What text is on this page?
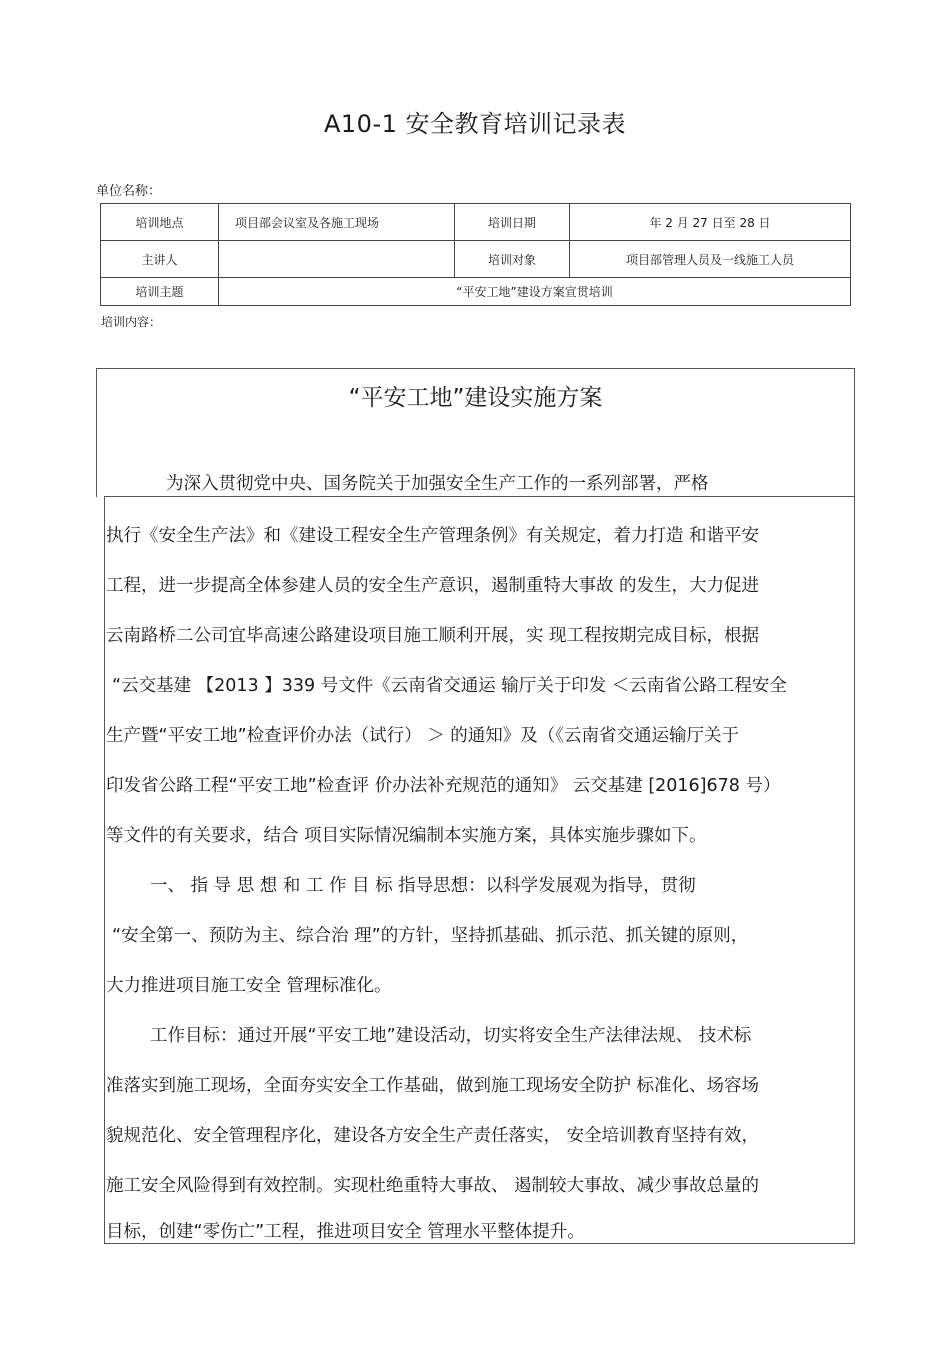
A10-1 安全教育培训记录表
单位名称：
培训地点	项目部会议室及各施工现场	培训日期	年 2 月 27 日至 28 日
主讲人		培训对象	项目部管理人员及一线施工人员
培训主题	“平安工地”建设方案宣贯培训		
培训内容：
“平安工地”建设实施方案
为深入贯彻党中央、国务院关于加强安全生产工作的一系列部署，严格
执行《安全生产法》和《建设工程安全生产管理条例》有关规定，着力打造 和谐平安
工程，进一步提高全体参建人员的安全生产意识，遏制重特大事故 的发生，大力促进
云南路桥二公司宜毕高速公路建设项目施工顺利开展，实 现工程按期完成目标，根据
“云交基建 【2013 】339 号文件《云南省交通运 输厅关于印发 ＜云南省公路工程安全
生产暨“平安工地”检查评价办法（试行） ＞ 的通知》及（《云南省交通运输厅关于
印发省公路工程“平安工地”检查评 价办法补充规范的通知》 云交基建 [2016]678 号）
等文件的有关要求，结合 项目实际情况编制本实施方案，具体实施步骤如下。
一、 指 导 思 想 和 工 作 目 标 指导思想：以科学发展观为指导，贯彻
“安全第一、预防为主、综合治 理”的方针，坚持抓基础、抓示范、抓关键的原则，
大力推进项目施工安全 管理标准化。
工作目标：通过开展“平安工地”建设活动，切实将安全生产法律法规、 技术标
准落实到施工现场，全面夯实安全工作基础，做到施工现场安全防护 标准化、场容场
貌规范化、安全管理程序化，建设各方安全生产责任落实， 安全培训教育坚持有效，
施工安全风险得到有效控制。实现杜绝重特大事故、 遏制较大事故、减少事故总量的
目标，创建“零伤亡”工程，推进项目安全 管理水平整体提升。
